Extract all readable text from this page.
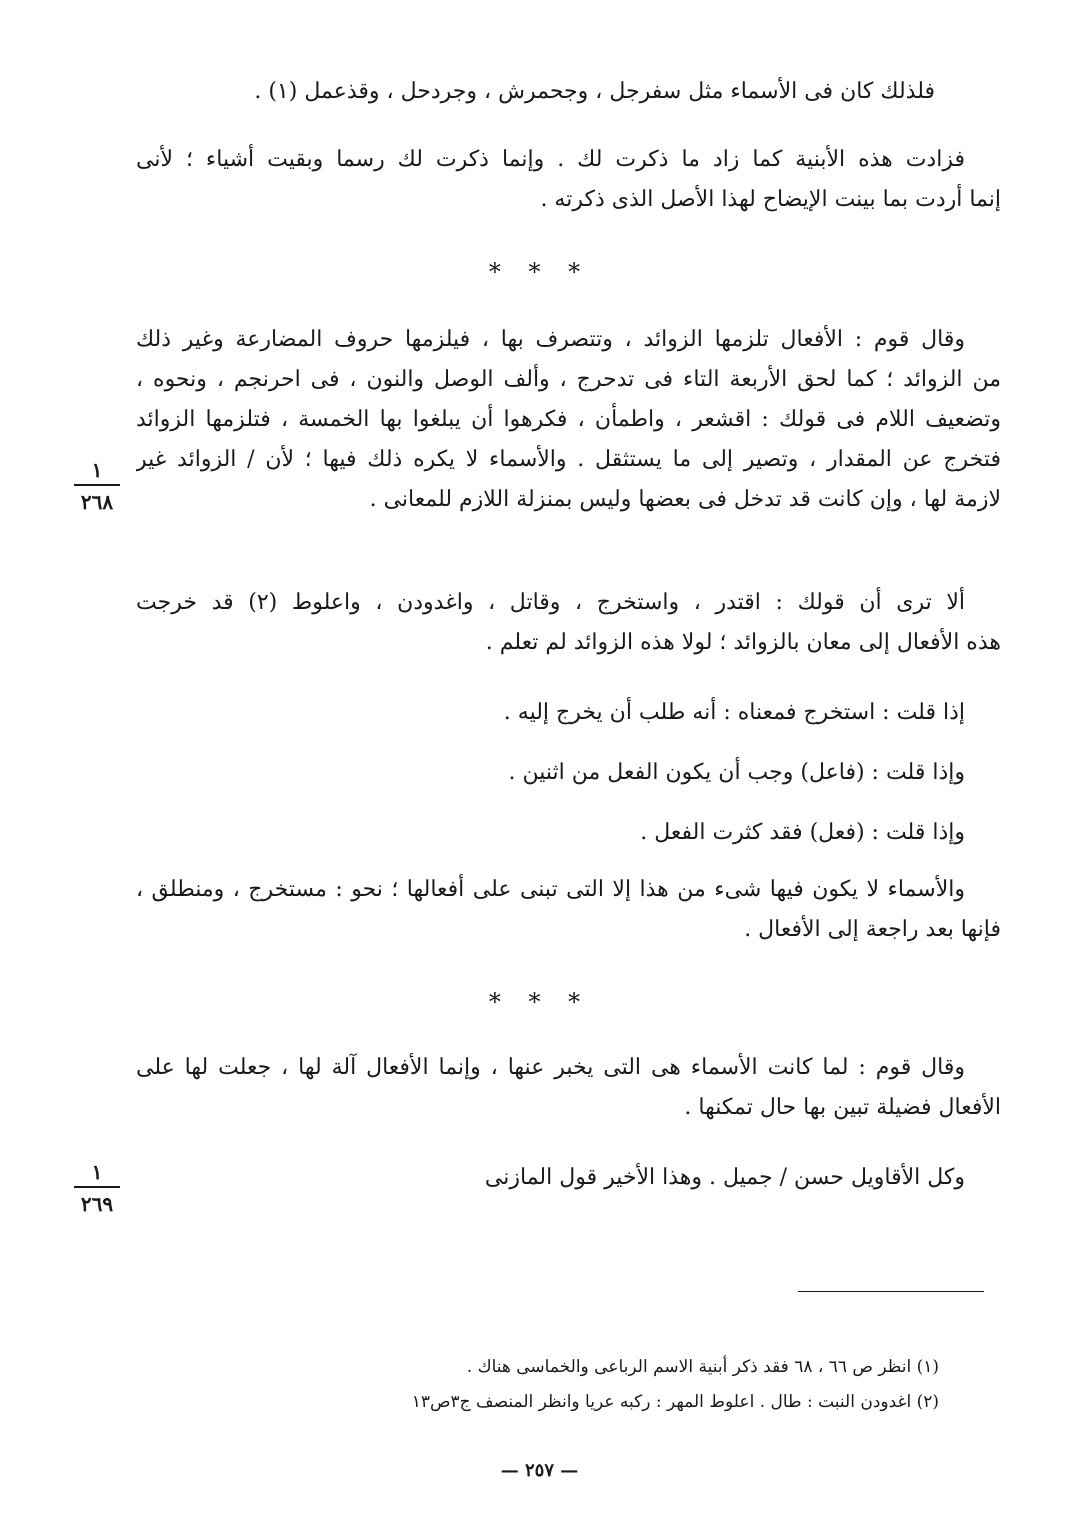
فلذلك كان فى الأسماء مثل سفرجل ، وجحمرش ، وجردحل ، وقذعمل (١) .
فزادت هذه الأبنية كما زاد ما ذكرت لك . وإنما ذكرت لك رسما وبقيت أشياء ؛ لأنى
إنما أردت بما بينت الإيضاح لهذا الأصل الذى ذكرته .
* * *
وقال قوم : الأفعال تلزمها الزوائد ، وتتصرف بها ، فيلزمها حروف المضارعة وغير ذلك
من الزوائد ؛ كما لحق الأربعة التاء فى تدحرج ، وألف الوصل والنون ، فى احرنجم ، ونحوه ،
وتضعيف اللام فى قولك : اقشعر ، واطمأن ، فكرهوا أن يبلغوا بها الخمسة ، فتلزمها الزوائد
فتخرج عن المقدار ، وتصير إلى ما يستثقل . والأسماء لا يكره ذلك فيها ؛ لأن / الزوائد غير
لازمة لها ، وإن كانت قد تدخل فى بعضها وليس بمنزلة اللازم للمعانى .
١
٢٦٨
ألا ترى أن قولك : اقتدر ، واستخرج ، وقاتل ، واغدودن ، واعلوط (٢) قد خرجت
هذه الأفعال إلى معان بالزوائد ؛ لولا هذه الزوائد لم تعلم .
إذا قلت : استخرج فمعناه : أنه طلب أن يخرج إليه .
وإذا قلت : (فاعل) وجب أن يكون الفعل من اثنين .
وإذا قلت : (فعل) فقد كثرت الفعل .
والأسماء لا يكون فيها شىء من هذا إلا التى تبنى على أفعالها ؛ نحو : مستخرج ، ومنطلق ،
فإنها بعد راجعة إلى الأفعال .
* * *
وقال قوم : لما كانت الأسماء هى التى يخبر عنها ، وإنما الأفعال آلة لها ، جعلت لها على
الأفعال فضيلة تبين بها حال تمكنها .
وكل الأقاويل حسن / جميل . وهذا الأخير قول المازنى
١
٢٦٩
(١) انظر ص ٦٦ ، ٦٨ فقد ذكر أبنية الاسم الرباعى والخماسى هناك .
(٢) اغدودن النبت : طال . اعلوط المهر : ركبه عريا وانظر المنصف ج٣ص١٣
— ٢٥٧ —
